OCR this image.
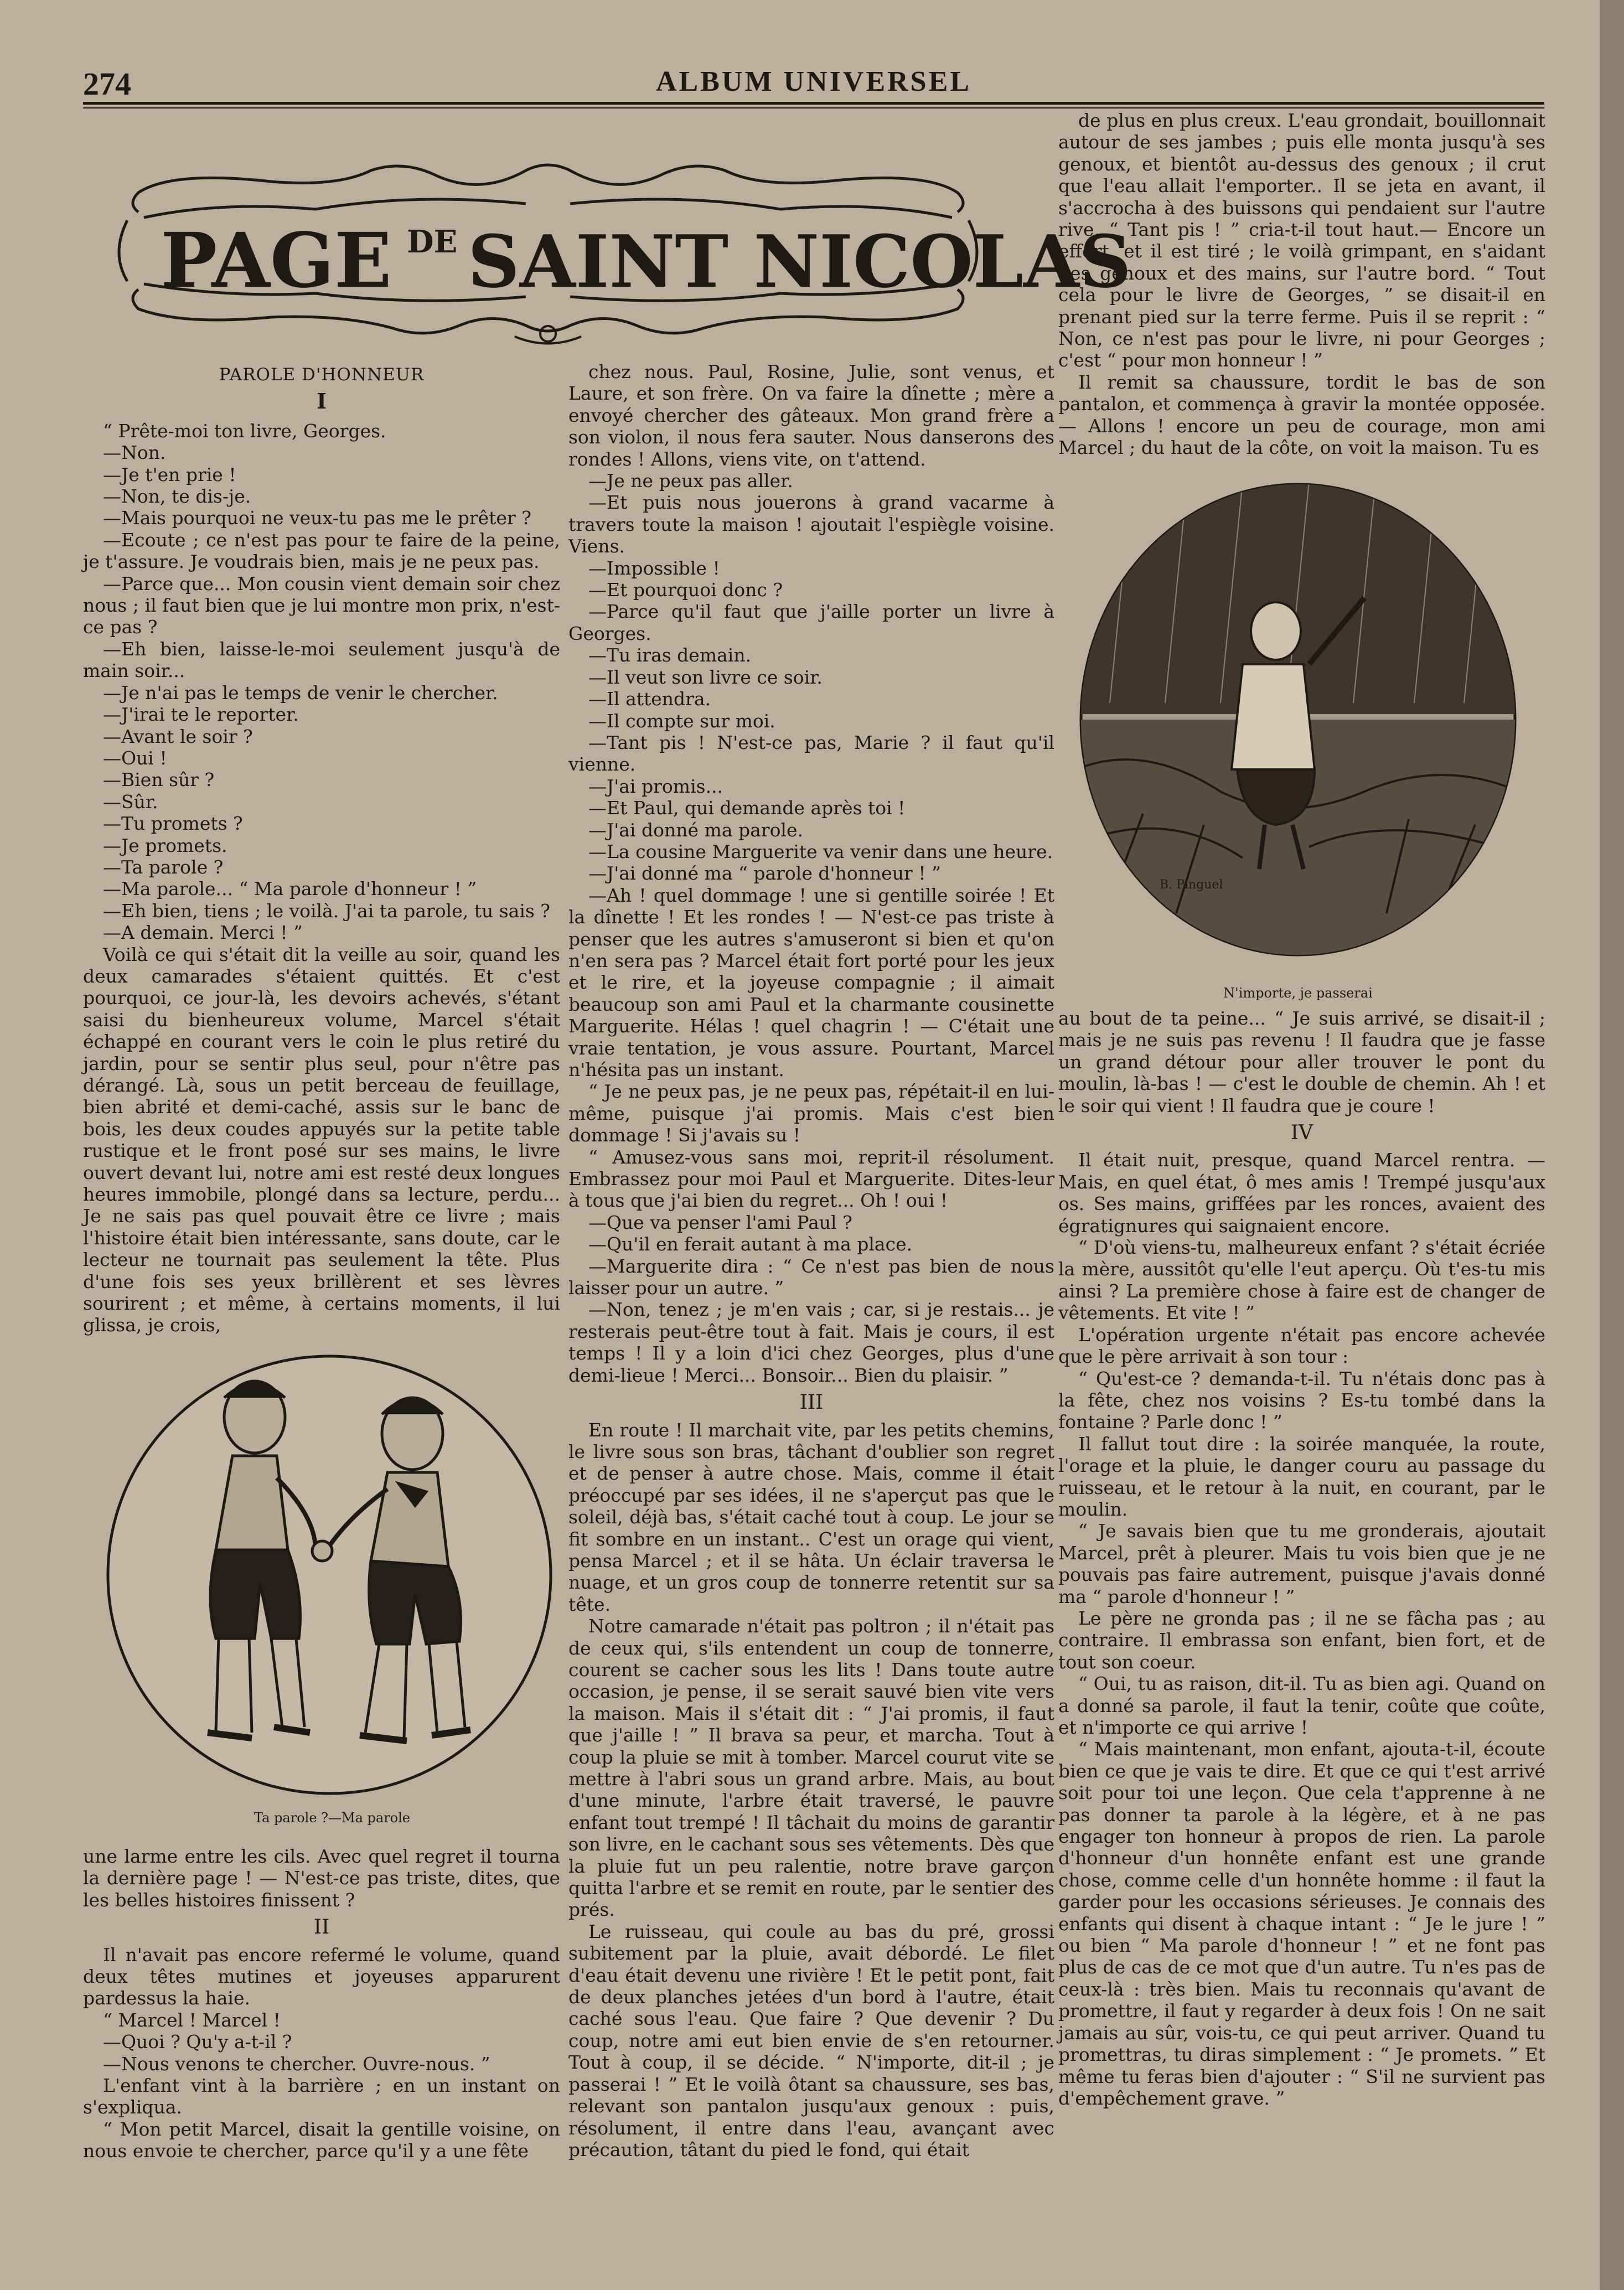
274	ALBUM UNIVERSEL
PAGE DE SAINT NICOLAS

PAROLE D'HONNEUR

I

“ Prête-moi ton livre, Georges.

—Non.

—Je t'en prie !

—Non, te dis-je.

—Mais pourquoi ne veux-tu pas me le prêter ?

—Ecoute ; ce n'est pas pour te faire de la peine, je t'assure. Je voudrais bien, mais je ne peux pas.

—Parce que... Mon cousin vient demain soir chez nous ; il faut bien que je lui montre mon prix, n'est-ce pas ?

—Eh bien, laisse-le-moi seulement jusqu'à de main soir...

—Je n'ai pas le temps de venir le chercher.

—J'irai te le reporter.

—Avant le soir ?

—Oui !

—Bien sûr ?

—Sûr.

—Tu promets ?

—Je promets.

—Ta parole ?

—Ma parole... “ Ma parole d'honneur ! ”

—Eh bien, tiens ; le voilà. J'ai ta parole, tu sais ?

—A demain. Merci ! ”

Voilà ce qui s'était dit la veille au soir, quand les deux camarades s'étaient quittés. Et c'est pourquoi, ce jour-là, les devoirs achevés, s'étant saisi du bienheureux volume, Marcel s'était échappé en courant vers le coin le plus retiré du jardin, pour se sentir plus seul, pour n'être pas dérangé. Là, sous un petit berceau de feuillage, bien abrité et demi-caché, assis sur le banc de bois, les deux coudes appuyés sur la petite table rustique et le front posé sur ses mains, le livre ouvert devant lui, notre ami est resté deux longues heures immobile, plongé dans sa lecture, perdu... Je ne sais pas quel pouvait être ce livre ; mais l'histoire était bien intéressante, sans doute, car le lecteur ne tournait pas seulement la tête. Plus d'une fois ses yeux brillèrent et ses lèvres sourirent ; et même, à certains moments, il lui glissa, je crois,

Ta parole ?—Ma parole

une larme entre les cils. Avec quel regret il tourna la dernière page ! — N'est-ce pas triste, dites, que les belles histoires finissent ?

II

Il n'avait pas encore refermé le volume, quand deux têtes mutines et joyeuses apparurent pardessus la haie.

“ Marcel ! Marcel !

—Quoi ? Qu'y a-t-il ?

—Nous venons te chercher. Ouvre-nous. ”

L'enfant vint à la barrière ; en un instant on s'expliqua.

“ Mon petit Marcel, disait la gentille voisine, on nous envoie te chercher, parce qu'il y a une fête

chez nous. Paul, Rosine, Julie, sont venus, et Laure, et son frère. On va faire la dînette ; mère a envoyé chercher des gâteaux. Mon grand frère a son violon, il nous fera sauter. Nous danserons des rondes ! Allons, viens vite, on t'attend.

—Je ne peux pas aller.

—Et puis nous jouerons à grand vacarme à travers toute la maison ! ajoutait l'espiègle voisine. Viens.

—Impossible !

—Et pourquoi donc ?

—Parce qu'il faut que j'aille porter un livre à Georges.

—Tu iras demain.

—Il veut son livre ce soir.

—Il attendra.

—Il compte sur moi.

—Tant pis ! N'est-ce pas, Marie ? il faut qu'il vienne.

—J'ai promis...

—Et Paul, qui demande après toi !

—J'ai donné ma parole.

—La cousine Marguerite va venir dans une heure.

—J'ai donné ma “ parole d'honneur ! ”

—Ah ! quel dommage ! une si gentille soirée ! Et la dînette ! Et les rondes ! — N'est-ce pas triste à penser que les autres s'amuseront si bien et qu'on n'en sera pas ? Marcel était fort porté pour les jeux et le rire, et la joyeuse compagnie ; il aimait beaucoup son ami Paul et la charmante cousinette Marguerite. Hélas ! quel chagrin ! — C'était une vraie tentation, je vous assure. Pourtant, Marcel n'hésita pas un instant.

“ Je ne peux pas, je ne peux pas, répétait-il en lui-même, puisque j'ai promis. Mais c'est bien dommage ! Si j'avais su !

“ Amusez-vous sans moi, reprit-il résolument. Embrassez pour moi Paul et Marguerite. Dites-leur à tous que j'ai bien du regret... Oh ! oui !

—Que va penser l'ami Paul ?

—Qu'il en ferait autant à ma place.

—Marguerite dira : “ Ce n'est pas bien de nous laisser pour un autre. ”

—Non, tenez ; je m'en vais ; car, si je restais... je resterais peut-être tout à fait. Mais je cours, il est temps ! Il y a loin d'ici chez Georges, plus d'une demi-lieue ! Merci... Bonsoir... Bien du plaisir. ”

III

En route ! Il marchait vite, par les petits chemins, le livre sous son bras, tâchant d'oublier son regret et de penser à autre chose. Mais, comme il était préoccupé par ses idées, il ne s'aperçut pas que le soleil, déjà bas, s'était caché tout à coup. Le jour se fit sombre en un instant.. C'est un orage qui vient, pensa Marcel ; et il se hâta. Un éclair traversa le nuage, et un gros coup de tonnerre retentit sur sa tête.

Notre camarade n'était pas poltron ; il n'était pas de ceux qui, s'ils entendent un coup de tonnerre, courent se cacher sous les lits ! Dans toute autre occasion, je pense, il se serait sauvé bien vite vers la maison. Mais il s'était dit : “ J'ai promis, il faut que j'aille ! ” Il brava sa peur, et marcha. Tout à coup la pluie se mit à tomber. Marcel courut vite se mettre à l'abri sous un grand arbre. Mais, au bout d'une minute, l'arbre était traversé, le pauvre enfant tout trempé ! Il tâchait du moins de garantir son livre, en le cachant sous ses vêtements. Dès que la pluie fut un peu ralentie, notre brave garçon quitta l'arbre et se remit en route, par le sentier des prés.

Le ruisseau, qui coule au bas du pré, grossi subitement par la pluie, avait débordé. Le filet d'eau était devenu une rivière ! Et le petit pont, fait de deux planches jetées d'un bord à l'autre, était caché sous l'eau. Que faire ? Que devenir ? Du coup, notre ami eut bien envie de s'en retourner. Tout à coup, il se décide. “ N'importe, dit-il ; je passerai ! ” Et le voilà ôtant sa chaussure, ses bas, relevant son pantalon jusqu'aux genoux : puis, résolument, il entre dans l'eau, avançant avec précaution, tâtant du pied le fond, qui était

de plus en plus creux. L'eau grondait, bouillonnait autour de ses jambes ; puis elle monta jusqu'à ses genoux, et bientôt au-dessus des genoux ; il crut que l'eau allait l'emporter.. Il se jeta en avant, il s'accrocha à des buissons qui pendaient sur l'autre rive. “ Tant pis ! ” cria-t-il tout haut.— Encore un effort, et il est tiré ; le voilà grimpant, en s'aidant des genoux et des mains, sur l'autre bord. “ Tout cela pour le livre de Georges, ” se disait-il en prenant pied sur la terre ferme. Puis il se reprit : “ Non, ce n'est pas pour le livre, ni pour Georges ; c'est “ pour mon honneur ! ”

Il remit sa chaussure, tordit le bas de son pantalon, et commença à gravir la montée opposée. — Allons ! encore un peu de courage, mon ami Marcel ; du haut de la côte, on voit la maison. Tu es

B. Pinguel
N'importe, je passerai

au bout de ta peine... “ Je suis arrivé, se disait-il ; mais je ne suis pas revenu ! Il faudra que je fasse un grand détour pour aller trouver le pont du moulin, là-bas ! — c'est le double de chemin. Ah ! et le soir qui vient ! Il faudra que je coure !

IV

Il était nuit, presque, quand Marcel rentra. — Mais, en quel état, ô mes amis ! Trempé jusqu'aux os. Ses mains, griffées par les ronces, avaient des égratignures qui saignaient encore.

“ D'où viens-tu, malheureux enfant ? s'était écriée la mère, aussitôt qu'elle l'eut aperçu. Où t'es-tu mis ainsi ? La première chose à faire est de changer de vêtements. Et vite ! ”

L'opération urgente n'était pas encore achevée que le père arrivait à son tour :

“ Qu'est-ce ? demanda-t-il. Tu n'étais donc pas à la fête, chez nos voisins ? Es-tu tombé dans la fontaine ? Parle donc ! ”

Il fallut tout dire : la soirée manquée, la route, l'orage et la pluie, le danger couru au passage du ruisseau, et le retour à la nuit, en courant, par le moulin.

“ Je savais bien que tu me gronderais, ajoutait Marcel, prêt à pleurer. Mais tu vois bien que je ne pouvais pas faire autrement, puisque j'avais donné ma “ parole d'honneur ! ”

Le père ne gronda pas ; il ne se fâcha pas ; au contraire. Il embrassa son enfant, bien fort, et de tout son coeur.

“ Oui, tu as raison, dit-il. Tu as bien agi. Quand on a donné sa parole, il faut la tenir, coûte que coûte, et n'importe ce qui arrive !

“ Mais maintenant, mon enfant, ajouta-t-il, écoute bien ce que je vais te dire. Et que ce qui t'est arrivé soit pour toi une leçon. Que cela t'apprenne à ne pas donner ta parole à la légère, et à ne pas engager ton honneur à propos de rien. La parole d'honneur d'un honnête enfant est une grande chose, comme celle d'un honnête homme : il faut la garder pour les occasions sérieuses. Je connais des enfants qui disent à chaque intant : “ Je le jure ! ” ou bien “ Ma parole d'honneur ! ” et ne font pas plus de cas de ce mot que d'un autre. Tu n'es pas de ceux-là : très bien. Mais tu reconnais qu'avant de promettre, il faut y regarder à deux fois ! On ne sait jamais au sûr, vois-tu, ce qui peut arriver. Quand tu promettras, tu diras simplement : “ Je promets. ” Et même tu feras bien d'ajouter : “ S'il ne survient pas d'empêchement grave. ”
